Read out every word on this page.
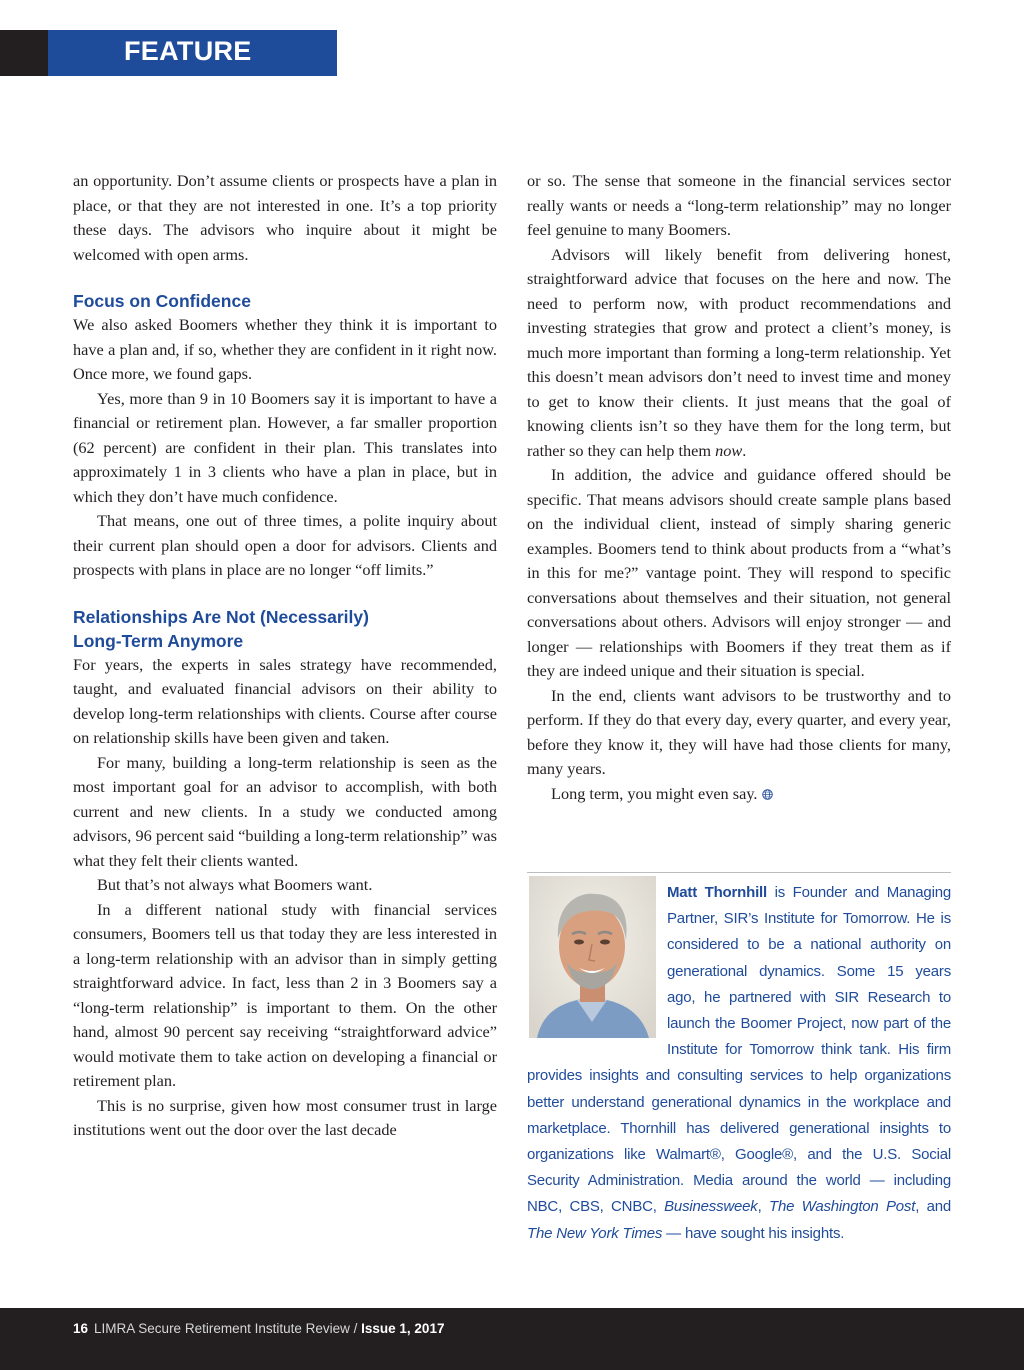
FEATURE

an opportunity. Don’t assume clients or prospects have a plan in place, or that they are not interested in one. It’s a top priority these days. The advisors who inquire about it might be welcomed with open arms.

Focus on Confidence

We also asked Boomers whether they think it is important to have a plan and, if so, whether they are confident in it right now. Once more, we found gaps.

Yes, more than 9 in 10 Boomers say it is important to have a financial or retirement plan. However, a far smaller proportion (62 percent) are confident in their plan. This translates into approximately 1 in 3 clients who have a plan in place, but in which they don’t have much confidence.

That means, one out of three times, a polite inquiry about their current plan should open a door for advisors. Clients and prospects with plans in place are no longer “off limits.”

Relationships Are Not (Necessarily)
Long-Term Anymore

For years, the experts in sales strategy have recommended, taught, and evaluated financial advisors on their ability to develop long-term relationships with clients. Course after course on relationship skills have been given and taken.

For many, building a long-term relationship is seen as the most important goal for an advisor to accomplish, with both current and new clients. In a study we conducted among advisors, 96 percent said “building a long-term relationship” was what they felt their clients wanted.

But that’s not always what Boomers want.

In a different national study with financial services consumers, Boomers tell us that today they are less interested in a long-term relationship with an advisor than in simply getting straightforward advice. In fact, less than 2 in 3 Boomers say a “long-term relationship” is important to them. On the other hand, almost 90 percent say receiving “straightforward advice” would motivate them to take action on developing a financial or retirement plan.

This is no surprise, given how most consumer trust in large institutions went out the door over the last decade

or so. The sense that someone in the financial services sector really wants or needs a “long-term relationship” may no longer feel genuine to many Boomers.

Advisors will likely benefit from delivering honest, straightforward advice that focuses on the here and now. The need to perform now, with product recommendations and investing strategies that grow and protect a client’s money, is much more important than forming a long-term relationship. Yet this doesn’t mean advisors don’t need to invest time and money to get to know their clients. It just means that the goal of knowing clients isn’t so they have them for the long term, but rather so they can help them now.

In addition, the advice and guidance offered should be specific. That means advisors should create sample plans based on the individual client, instead of simply sharing generic examples. Boomers tend to think about products from a “what’s in this for me?” vantage point. They will respond to specific conversations about themselves and their situation, not general conversations about others. Advisors will enjoy stronger — and longer — relationships with Boomers if they treat them as if they are indeed unique and their situation is special.

In the end, clients want advisors to be trustworthy and to perform. If they do that every day, every quarter, and every year, before they know it, they will have had those clients for many, many years.

Long term, you might even say.

Matt Thornhill is Founder and Managing Partner, SIR’s Institute for Tomorrow. He is considered to be a national authority on generational dynamics. Some 15 years ago, he partnered with SIR Research to launch the Boomer Project, now part of the Institute for Tomorrow think tank. His firm provides insights and consulting services to help organizations better understand generational dynamics in the workplace and marketplace. Thornhill has delivered generational insights to organizations like Walmart®, Google®, and the U.S. Social Security Administration. Media around the world — including NBC, CBS, CNBC, Businessweek, The Washington Post, and The New York Times — have sought his insights.
16 LIMRA Secure Retirement Institute Review / Issue 1, 2017
